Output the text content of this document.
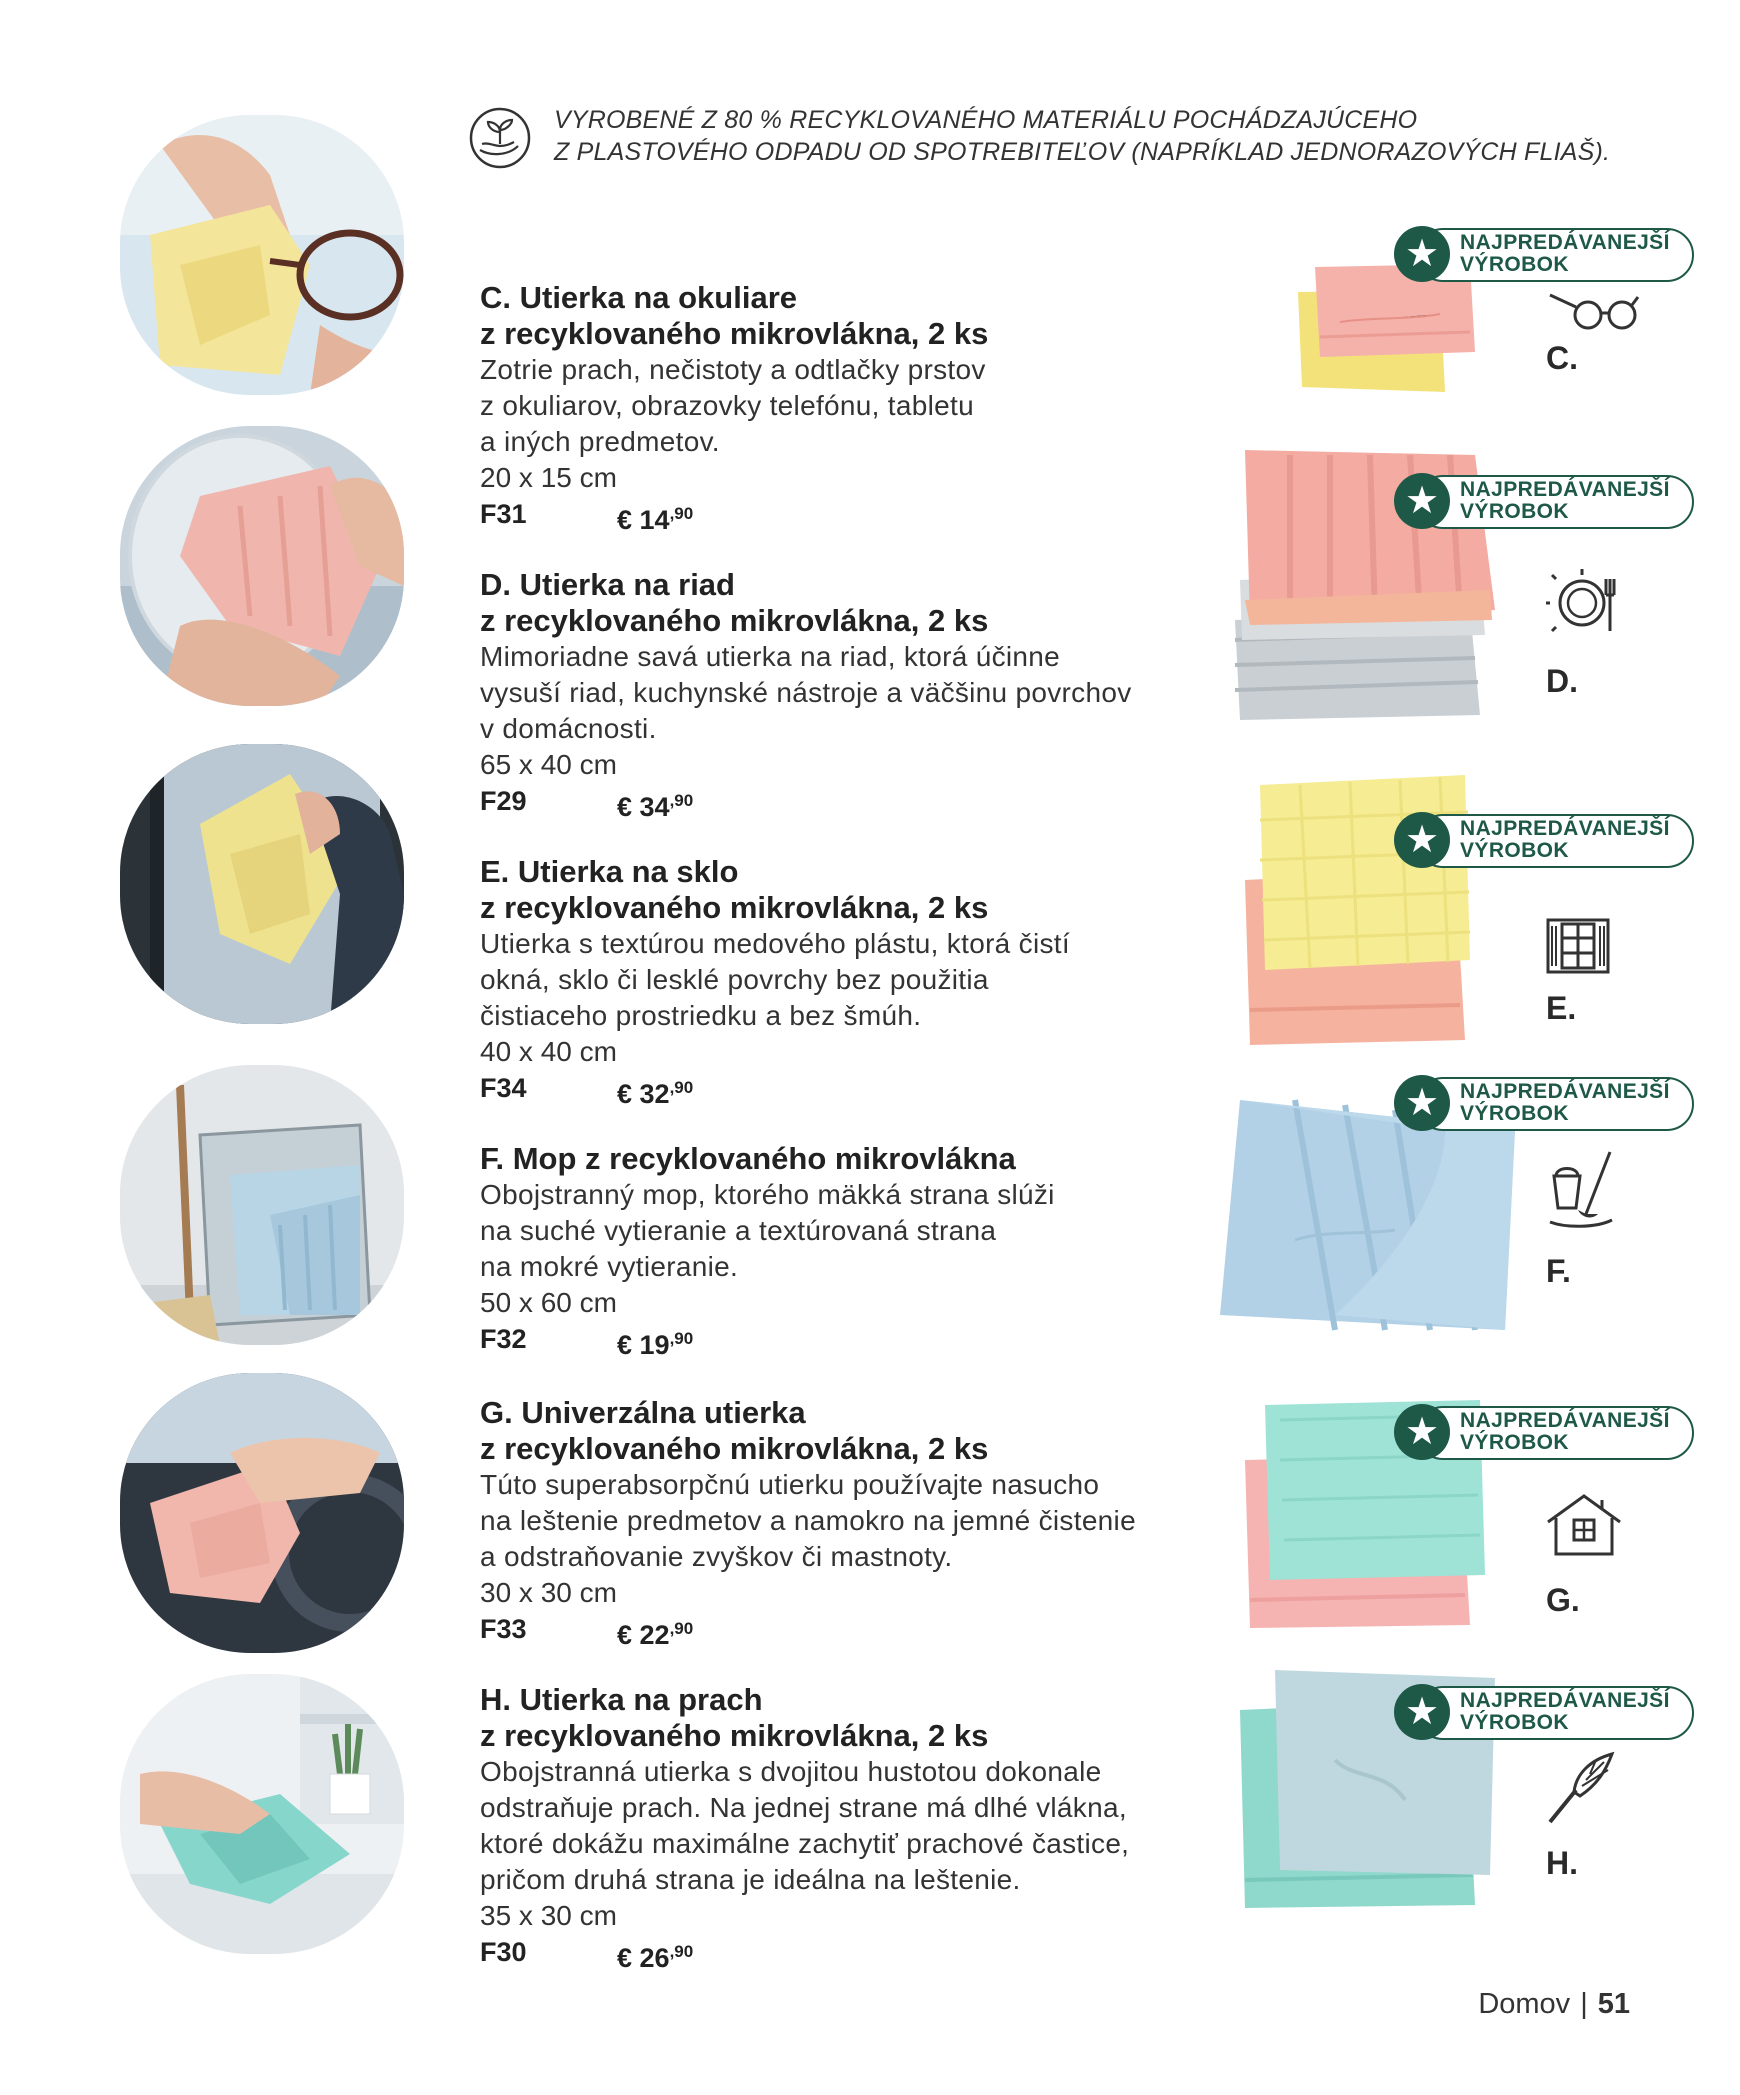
VYROBENÉ Z 80 % RECYKLOVANÉHO MATERIÁLU POCHÁDZAJÚCEHO
Z PLASTOVÉHO ODPADU OD SPOTREBITEĽOV (NAPRÍKLAD JEDNORAZOVÝCH FLIAŠ).
C. Utierka na okuliare
z recyklovaného mikrovlákna, 2 ks

Zotrie prach, nečistoty a odtlačky prstov

z okuliarov, obrazovky telefónu, tabletu

a iných predmetov.

20 x 15 cm
F31	€ $14^{,90}$
D. Utierka na riad
z recyklovaného mikrovlákna, 2 ks

Mimoriadne savá utierka na riad, ktorá účinne

vysuší riad, kuchynské nástroje a väčšinu povrchov

v domácnosti.

65 x 40 cm
F29	€ $34^{,90}$
E. Utierka na sklo
z recyklovaného mikrovlákna, 2 ks

Utierka s textúrou medového plástu, ktorá čistí

okná, sklo či lesklé povrchy bez použitia

čistiaceho prostriedku a bez šmúh.

40 x 40 cm
F34	€ $32^{,90}$
F. Mop z recyklovaného mikrovlákna

Obojstranný mop, ktorého mäkká strana slúži

na suché vytieranie a textúrovaná strana

na mokré vytieranie.

50 x 60 cm
F32	€ $19^{,90}$
G. Univerzálna utierka
z recyklovaného mikrovlákna, 2 ks

Túto superabsorpčnú utierku používajte nasucho

na leštenie predmetov a namokro na jemné čistenie

a odstraňovanie zvyškov či mastnoty.

30 x 30 cm
F33	€ $22^{,90}$
H. Utierka na prach
z recyklovaného mikrovlákna, 2 ks

Obojstranná utierka s dvojitou hustotou dokonale

odstraňuje prach. Na jednej strane má dlhé vlákna,

ktoré dokážu maximálne zachytiť prachové častice,

pričom druhá strana je ideálna na leštenie.

35 x 30 cm
F30	€ $26^{,90}$
★ NAJPREDÁVANEJŠÍ
VÝROBOK
★ NAJPREDÁVANEJŠÍ
VÝROBOK
★ NAJPREDÁVANEJŠÍ
VÝROBOK
★ NAJPREDÁVANEJŠÍ
VÝROBOK
★ NAJPREDÁVANEJŠÍ
VÝROBOK
★ NAJPREDÁVANEJŠÍ
VÝROBOK
C.
D.
E.
F.
G.
H.
Domov | 51
